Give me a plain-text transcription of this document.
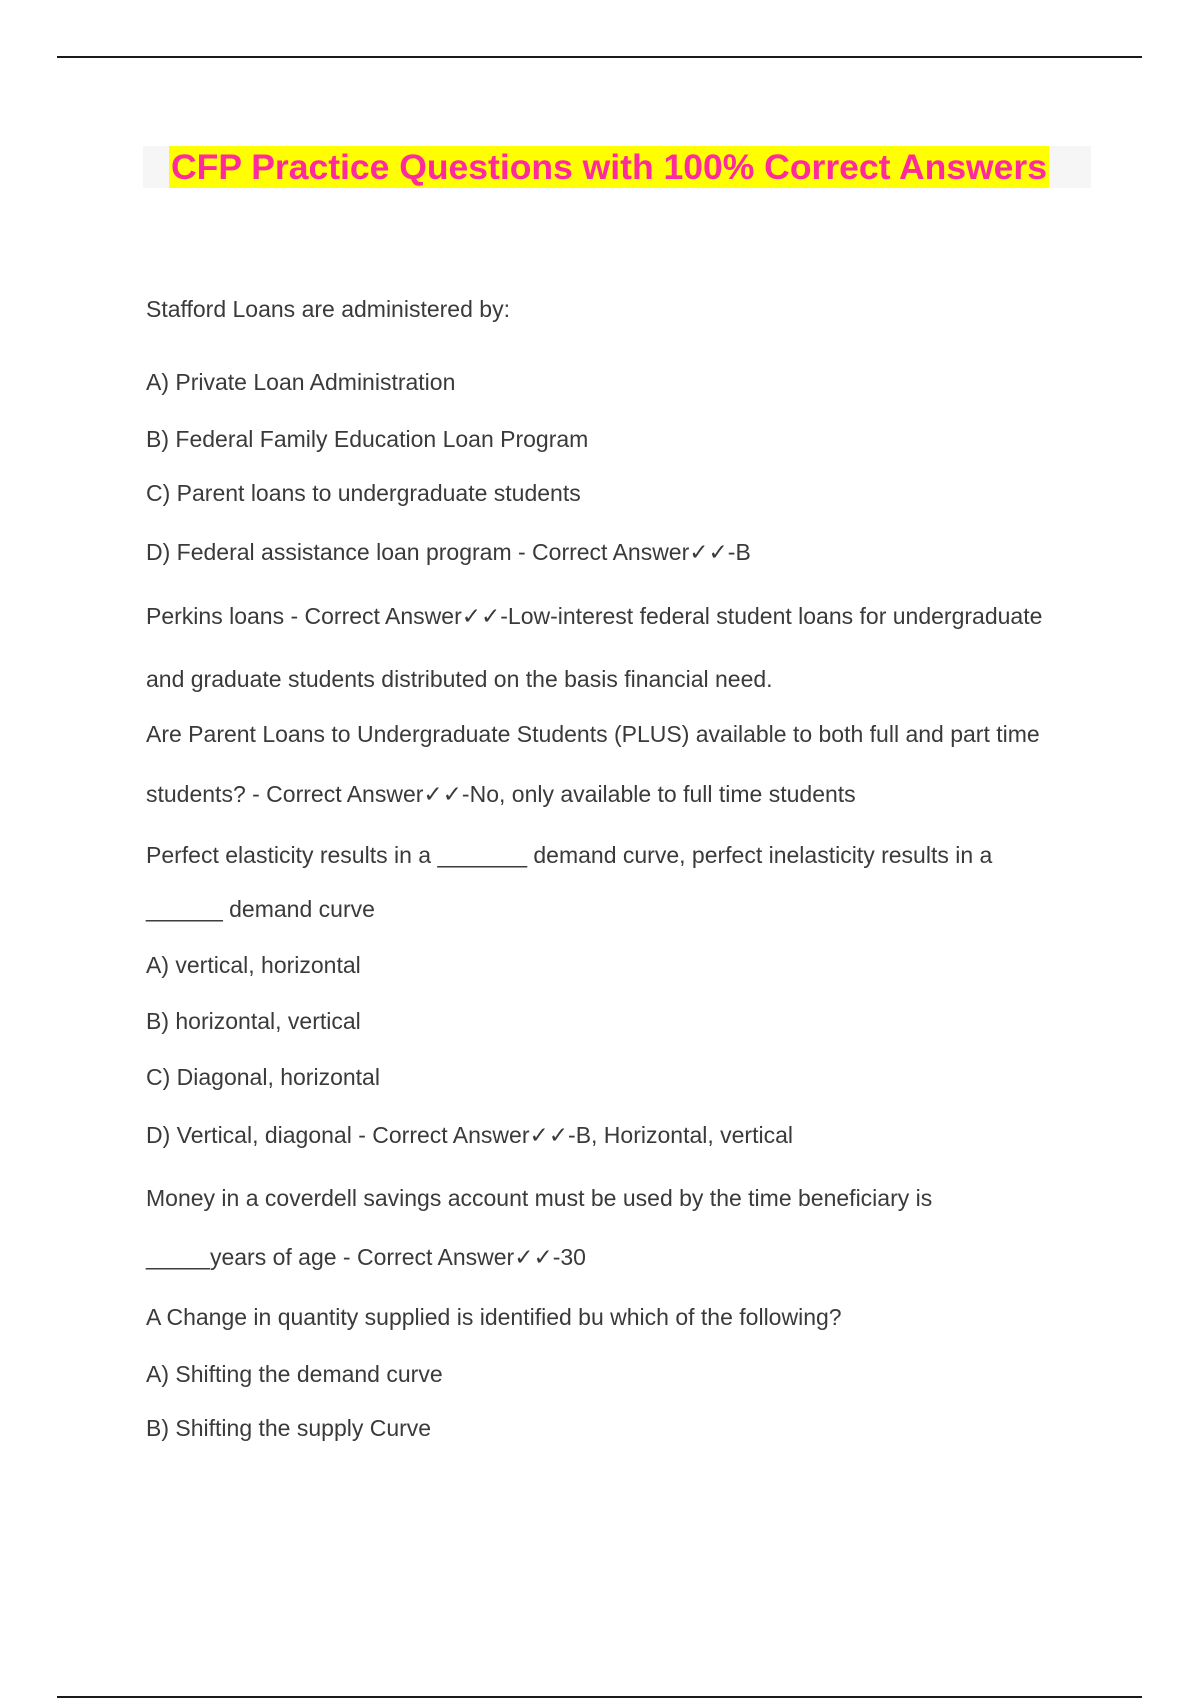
CFP Practice Questions with 100% Correct Answers
Stafford Loans are administered by:
A) Private Loan Administration
B) Federal Family Education Loan Program
C) Parent loans to undergraduate students
D) Federal assistance loan program - Correct Answer✓✓-B
Perkins loans - Correct Answer✓✓-Low-interest federal student loans for undergraduate
and graduate students distributed on the basis financial need.
Are Parent Loans to Undergraduate Students (PLUS) available to both full and part time
students? - Correct Answer✓✓-No, only available to full time students
Perfect elasticity results in a _______ demand curve, perfect inelasticity results in a
______ demand curve
A) vertical, horizontal
B) horizontal, vertical
C) Diagonal, horizontal
D) Vertical, diagonal - Correct Answer✓✓-B, Horizontal, vertical
Money in a coverdell savings account must be used by the time beneficiary is
_____years of age - Correct Answer✓✓-30
A Change in quantity supplied is identified bu which of the following?
A) Shifting the demand curve
B) Shifting the supply Curve
